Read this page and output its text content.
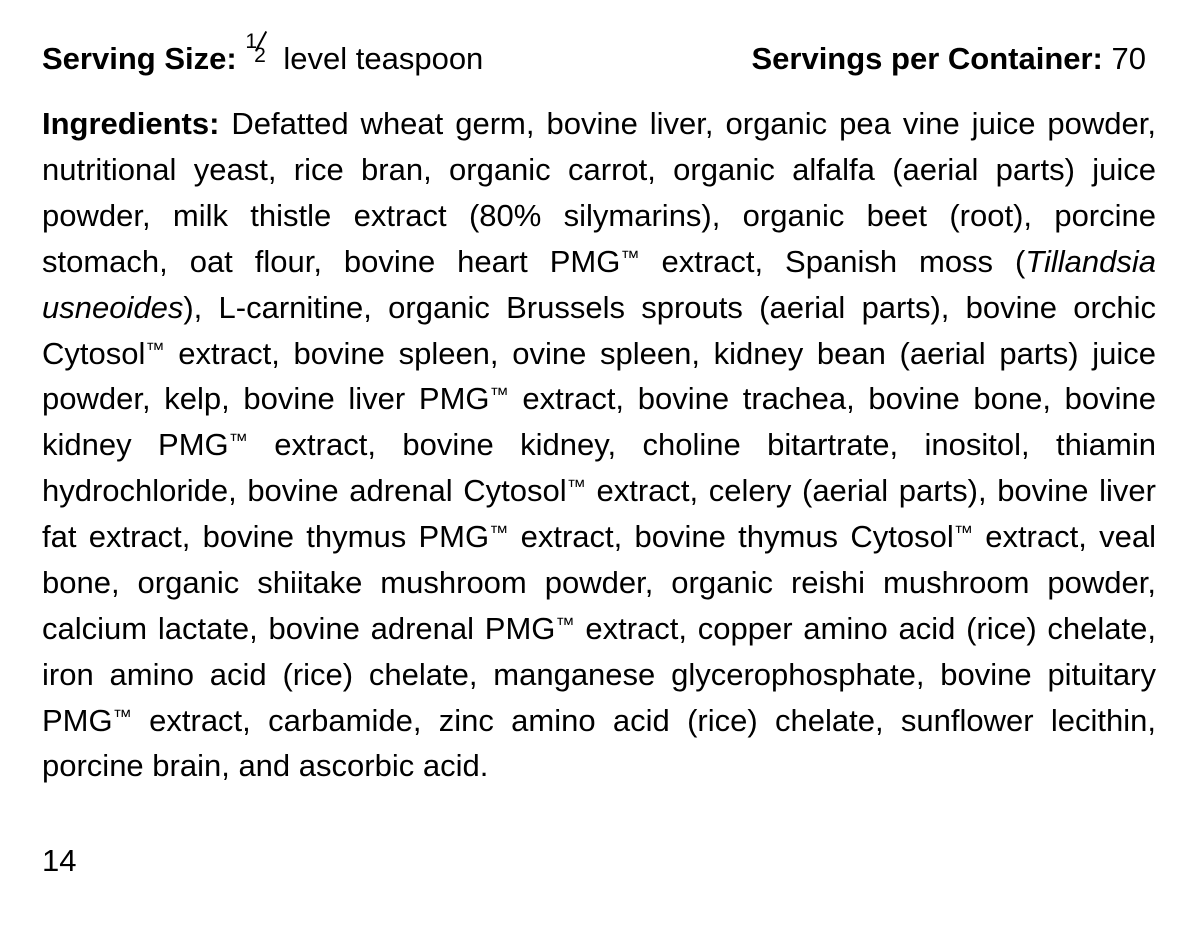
Serving Size: 1
2 level teaspoon	Servings per Container: 70
Ingredients: Defatted wheat germ, bovine liver, organic pea vine juice powder, nutritional yeast, rice bran, organic carrot, organic alfalfa (aerial parts) juice powder, milk thistle extract (80% silymarins), organic beet (root), porcine stomach, oat flour, bovine heart PMG™ extract, Spanish moss (Tillandsia usneoides), L-carnitine, organic Brussels sprouts (aerial parts), bovine orchic Cytosol™ extract, bovine spleen, ovine spleen, kidney bean (aerial parts) juice powder, kelp, bovine liver PMG™ extract, bovine trachea, bovine bone, bovine kidney PMG™ extract, bovine kidney, choline bitartrate, inositol, thiamin hydrochloride, bovine adrenal Cytosol™ extract, celery (aerial parts), bovine liver fat extract, bovine thymus PMG™ extract, bovine thymus Cytosol™ extract, veal bone, organic shiitake mushroom powder, organic reishi mushroom powder, calcium lactate, bovine adrenal PMG™ extract, copper amino acid (rice) chelate, iron amino acid (rice) chelate, manganese glycerophosphate, bovine pituitary PMG™ extract, carbamide, zinc amino acid (rice) chelate, sunflower lecithin, porcine brain, and ascorbic acid.
14
